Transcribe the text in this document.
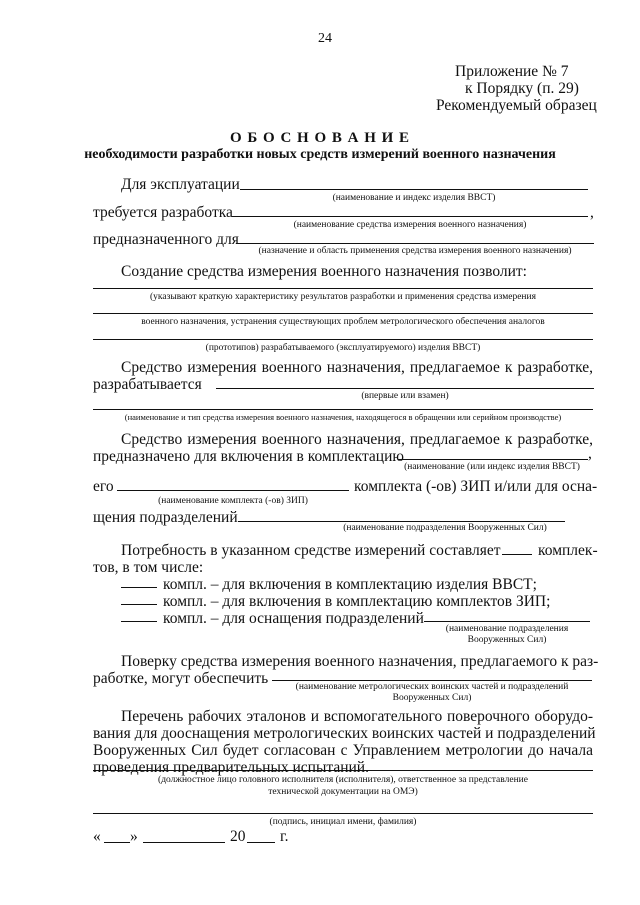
24
Приложение № 7
к Порядку (п. 29)
Рекомендуемый образец
О Б О С Н О В А Н И Е
необходимости разработки новых средств измерений военного назначения
Для эксплуатации
(наименование и индекс изделия ВВСТ)
требуется разработка	,
(наименование средства измерения военного назначения)
предназначенного для
(назначение и область применения средства измерения военного назначения)
Создание средства измерения военного назначения позволит:
(указывают краткую характеристику результатов разработки и применения средства измерения
военного назначения, устранения существующих проблем метрологического обеспечения аналогов
(прототипов) разрабатываемого (эксплуатируемого) изделия ВВСТ)
Средство измерения военного назначения, предлагаемое к разработке,
разрабатывается
(впервые или взамен)
(наименование и тип средства измерения военного назначения, находящегося в обращении или серийном производстве)
Средство измерения военного назначения, предлагаемое к разработке,
предназначено для включения в комплектацию	,
(наименование (или индекс изделия ВВСТ)
его	комплекта (-ов) ЗИП и/или для осна-
(наименование комплекта (-ов) ЗИП)
щения подразделений
(наименование подразделения Вооруженных Сил)
Потребность в указанном средстве измерений составляет комплек-
тов, в том числе:
компл. – для включения в комплектацию изделия ВВСТ;
компл. – для включения в комплектацию комплектов ЗИП;
компл. – для оснащения подразделений
(наименование подразделения
Вооруженных Сил)
Поверку средства измерения военного назначения, предлагаемого к раз-
работке, могут обеспечить	(наименование метрологических воинских частей и подразделений
Вооруженных Сил)
Перечень рабочих эталонов и вспомогательного поверочного оборудо-
вания для дооснащения метрологических воинских частей и подразделений
Вооруженных Сил будет согласован с Управлением метрологии до начала
проведения предварительных испытаний.
(должностное лицо головного исполнителя (исполнителя), ответственное за представление
технической документации на ОМЭ)
(подпись, инициал имени, фамилия)
« »	20 г.
